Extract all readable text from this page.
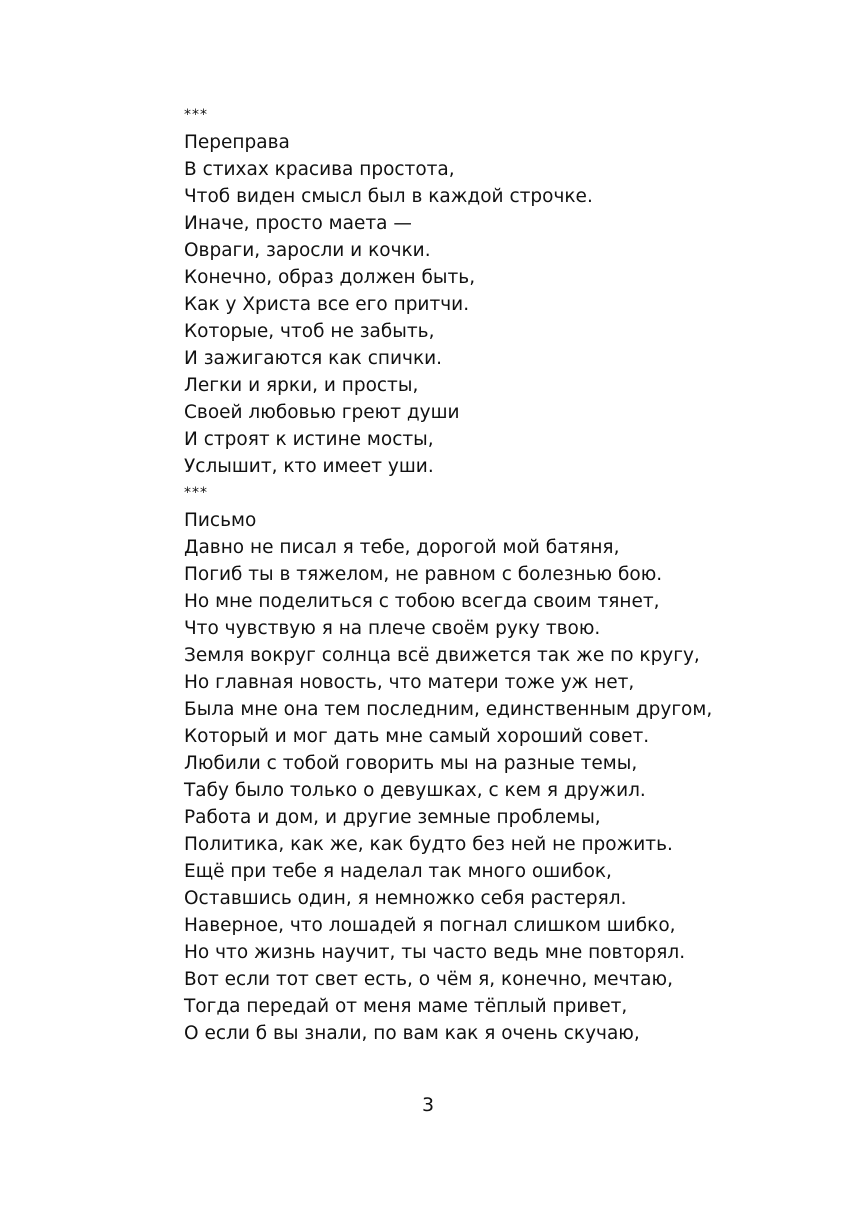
***
Переправа
В стихах красива простота,
Чтоб виден смысл был в каждой строчке.
Иначе, просто маета —
Овраги, заросли и кочки.
Конечно, образ должен быть,
Как у Христа все его притчи.
Которые, чтоб не забыть,
И зажигаются как спички.
Легки и ярки, и просты,
Своей любовью греют души
И строят к истине мосты,
Услышит, кто имеет уши.
***
Письмо
Давно не писал я тебе, дорогой мой батяня,
Погиб ты в тяжелом, не равном с болезнью бою.
Но мне поделиться с тобою всегда своим тянет,
Что чувствую я на плече своём руку твою.
Земля вокруг солнца всё движется так же по кругу,
Но главная новость, что матери тоже уж нет,
Была мне она тем последним, единственным другом,
Который и мог дать мне самый хороший совет.
Любили с тобой говорить мы на разные темы,
Табу было только о девушках, с кем я дружил.
Работа и дом, и другие земные проблемы,
Политика, как же, как будто без ней не прожить.
Ещё при тебе я наделал так много ошибок,
Оставшись один, я немножко себя растерял.
Наверное, что лошадей я погнал слишком шибко,
Но что жизнь научит, ты часто ведь мне повторял.
Вот если тот свет есть, о чём я, конечно, мечтаю,
Тогда передай от меня маме тёплый привет,
О если б вы знали, по вам как я очень скучаю,
3
